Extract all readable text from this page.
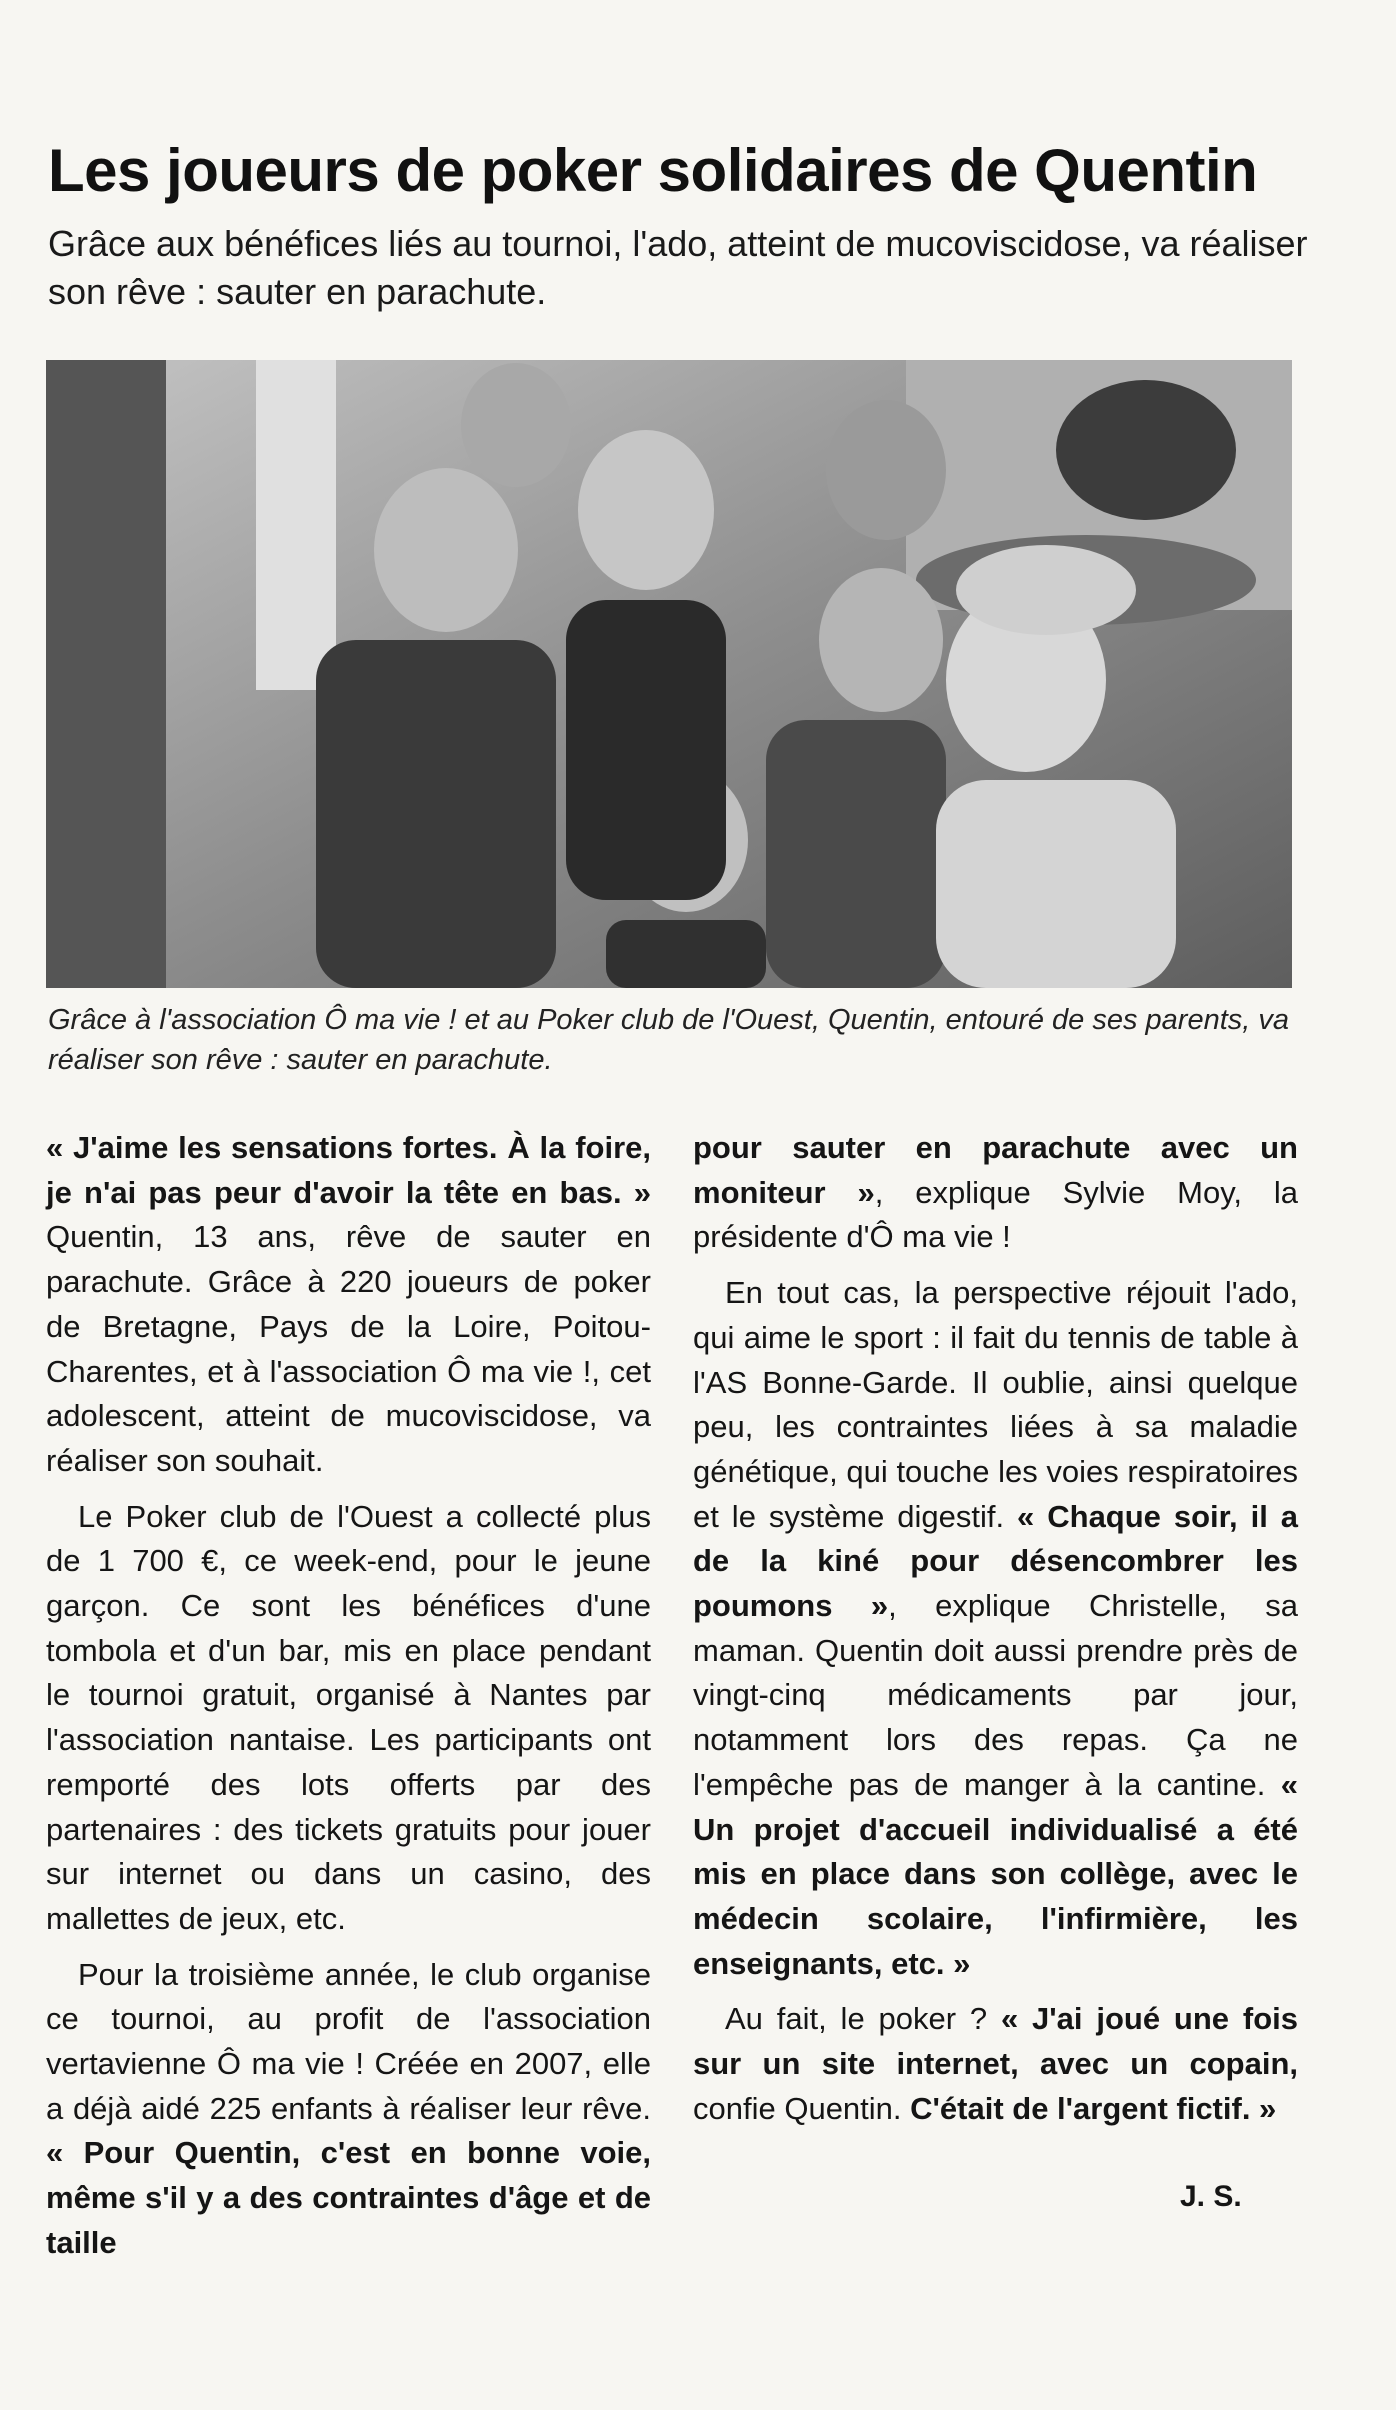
Les joueurs de poker solidaires de Quentin
Grâce aux bénéfices liés au tournoi, l'ado, atteint de mucoviscidose, va réaliser son rêve : sauter en parachute.
Grâce à l'association Ô ma vie ! et au Poker club de l'Ouest, Quentin, entouré de ses parents, va réaliser son rêve : sauter en parachute.

« J'aime les sensations fortes. À la foire, je n'ai pas peur d'avoir la tête en bas. » Quentin, 13 ans, rêve de sauter en parachute. Grâce à 220 joueurs de poker de Bretagne, Pays de la Loire, Poitou-Charentes, et à l'association Ô ma vie !, cet adolescent, atteint de mucoviscidose, va réaliser son souhait.

Le Poker club de l'Ouest a collecté plus de 1 700 €, ce week-end, pour le jeune garçon. Ce sont les bénéfices d'une tombola et d'un bar, mis en place pendant le tournoi gratuit, organisé à Nantes par l'association nantaise. Les participants ont remporté des lots offerts par des partenaires : des tickets gratuits pour jouer sur internet ou dans un casino, des mallettes de jeux, etc.

Pour la troisième année, le club organise ce tournoi, au profit de l'association vertavienne Ô ma vie ! Créée en 2007, elle a déjà aidé 225 enfants à réaliser leur rêve. « Pour Quentin, c'est en bonne voie, même s'il y a des contraintes d'âge et de taille

pour sauter en parachute avec un moniteur », explique Sylvie Moy, la présidente d'Ô ma vie !

En tout cas, la perspective réjouit l'ado, qui aime le sport : il fait du tennis de table à l'AS Bonne-Garde. Il oublie, ainsi quelque peu, les contraintes liées à sa maladie génétique, qui touche les voies respiratoires et le système digestif. « Chaque soir, il a de la kiné pour désencombrer les poumons », explique Christelle, sa maman. Quentin doit aussi prendre près de vingt-cinq médicaments par jour, notamment lors des repas. Ça ne l'empêche pas de manger à la cantine. « Un projet d'accueil individualisé a été mis en place dans son collège, avec le médecin scolaire, l'infirmière, les enseignants, etc. »

Au fait, le poker ? « J'ai joué une fois sur un site internet, avec un copain, confie Quentin. C'était de l'argent fictif. »

J. S.
